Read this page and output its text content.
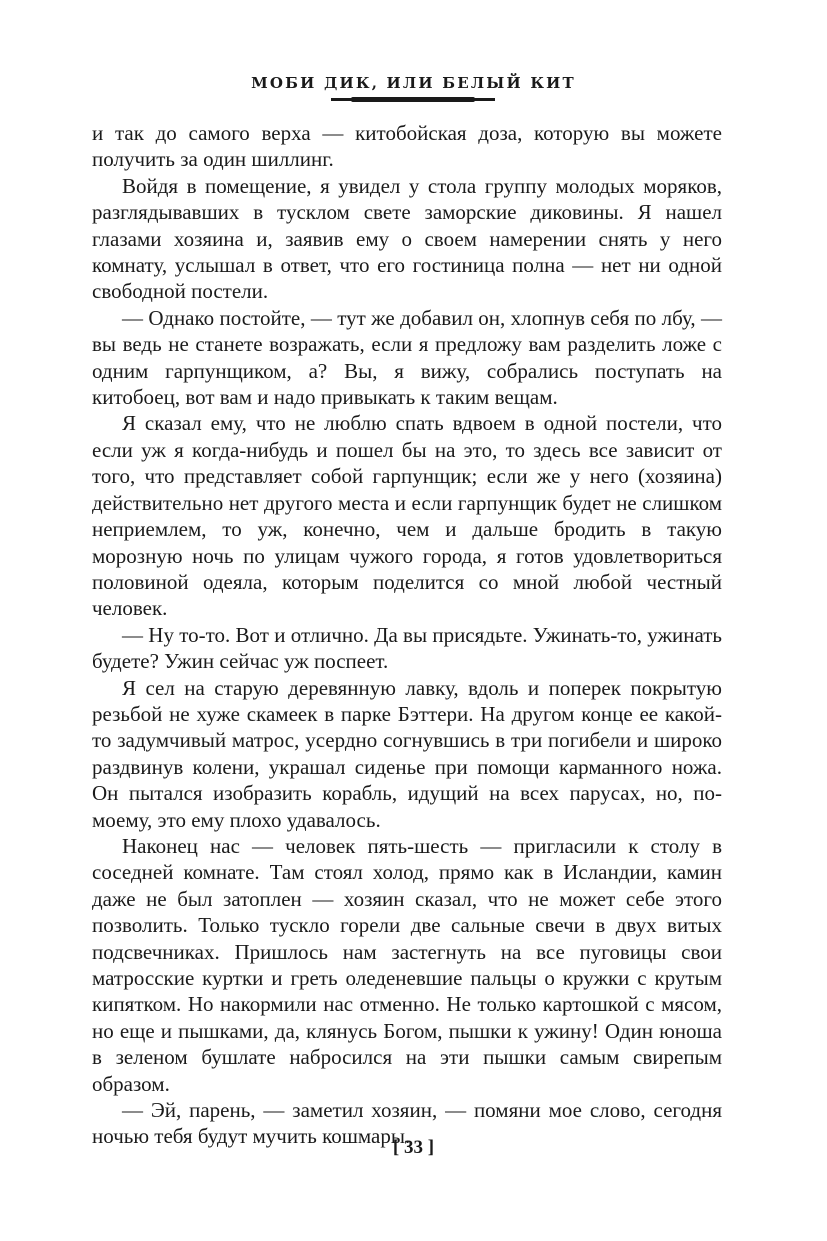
МОБИ ДИК, ИЛИ БЕЛЫЙ КИТ

и так до самого верха — китобойская доза, которую вы можете получить за один шиллинг.

Войдя в помещение, я увидел у стола группу молодых моряков, разглядывавших в тусклом свете заморские диковины. Я нашел глазами хозяина и, заявив ему о своем намерении снять у него комнату, услышал в ответ, что его гостиница полна — нет ни одной свободной постели.

— Однако постойте, — тут же добавил он, хлопнув себя по лбу, — вы ведь не станете возражать, если я предложу вам разделить ложе с одним гарпунщиком, а? Вы, я вижу, собрались поступать на китобоец, вот вам и надо привыкать к таким вещам.

Я сказал ему, что не люблю спать вдвоем в одной постели, что если уж я когда-нибудь и пошел бы на это, то здесь все зависит от того, что представляет собой гарпунщик; если же у него (хозяина) действительно нет другого места и если гарпунщик будет не слишком неприемлем, то уж, конечно, чем и дальше бродить в такую морозную ночь по улицам чужого города, я готов удовлетвориться половиной одеяла, которым поделится со мной любой честный человек.

— Ну то-то. Вот и отлично. Да вы присядьте. Ужинать-то, ужинать будете? Ужин сейчас уж поспеет.

Я сел на старую деревянную лавку, вдоль и поперек покрытую резьбой не хуже скамеек в парке Бэттери. На другом конце ее какой-то задумчивый матрос, усердно согнувшись в три погибели и широко раздвинув колени, украшал сиденье при помощи карманного ножа. Он пытался изобразить корабль, идущий на всех парусах, но, по-моему, это ему плохо удавалось.

Наконец нас — человек пять-шесть — пригласили к столу в соседней комнате. Там стоял холод, прямо как в Исландии, камин даже не был затоплен — хозяин сказал, что не может себе этого позволить. Только тускло горели две сальные свечи в двух витых подсвечниках. Пришлось нам застегнуть на все пуговицы свои матросские куртки и греть оледеневшие пальцы о кружки с крутым кипятком. Но накормили нас отменно. Не только картошкой с мясом, но еще и пышками, да, клянусь Богом, пышки к ужину! Один юноша в зеленом бушлате набросился на эти пышки самым свирепым образом.

— Эй, парень, — заметил хозяин, — помяни мое слово, сегодня ночью тебя будут мучить кошмары.

[ 33 ]
